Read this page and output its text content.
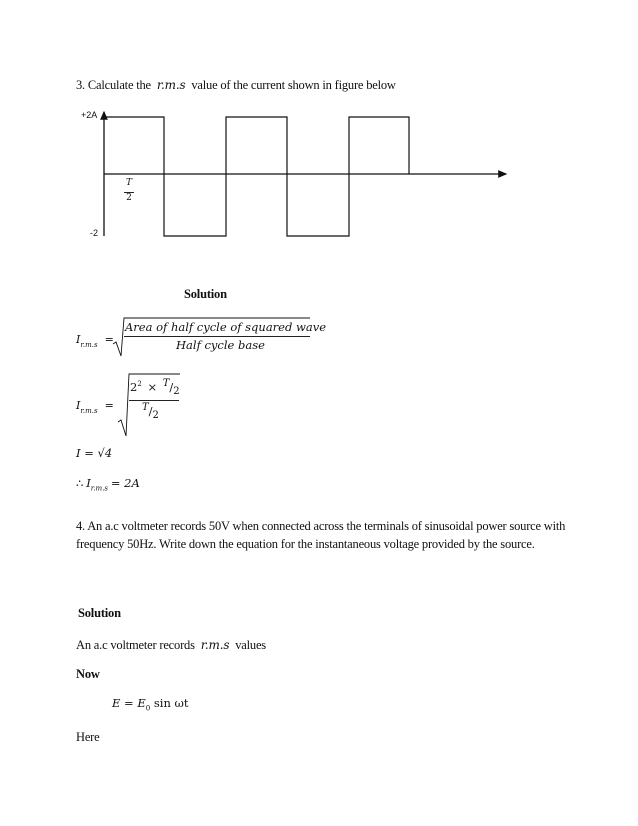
3. Calculate the r.m.s value of the current shown in figure below
+2A
-2
T
2
Solution
$I_{r.m.s}$ =
Area of half cycle of squared wave
Half cycle base
$I_{r.m.s}$ =
$2^2 \times ^T/_2$
$^T/_2$
I = √4
∴ $I_{r.m.s} = 2A$
4. An a.c voltmeter records 50V when connected across the terminals of sinusoidal power source with frequency 50Hz. Write down the equation for the instantaneous voltage provided by the source.
Solution
An a.c voltmeter records r.m.s values
Now
$E = E_0$ sin ωt
Here
